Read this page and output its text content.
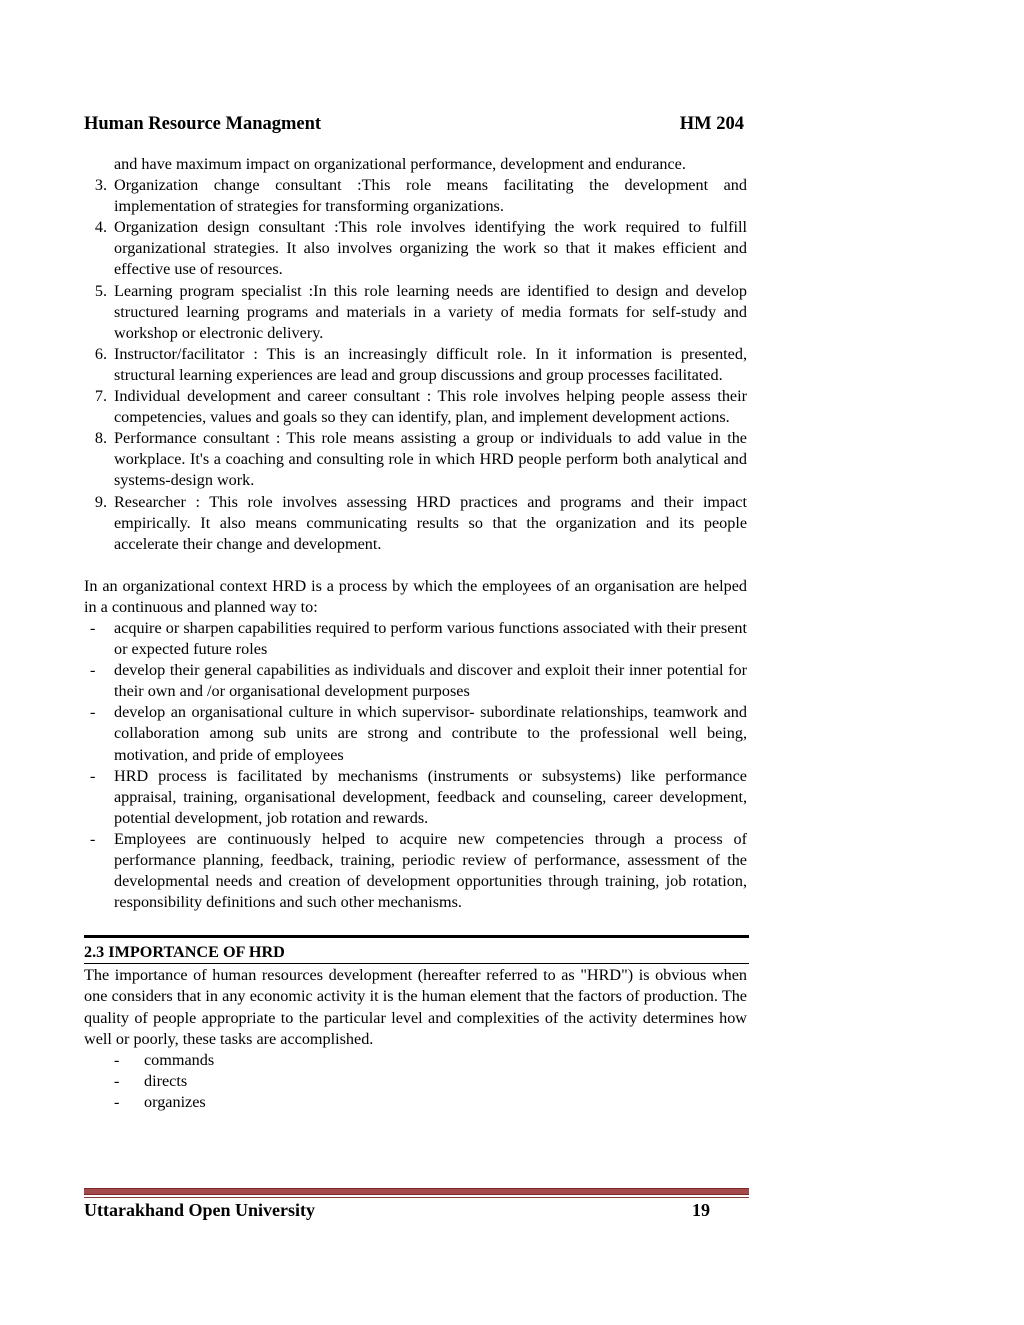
Human Resource Managment	HM 204
and have maximum impact on organizational performance, development and endurance.
3. Organization change consultant :This role means facilitating the development and implementation of strategies for transforming organizations.
4. Organization design consultant :This role involves identifying the work required to fulfill organizational strategies. It also involves organizing the work so that it makes efficient and effective use of resources.
5. Learning program specialist :In this role learning needs are identified to design and develop structured learning programs and materials in a variety of media formats for self-study and workshop or electronic delivery.
6. Instructor/facilitator : This is an increasingly difficult role. In it information is presented, structural learning experiences are lead and group discussions and group processes facilitated.
7. Individual development and career consultant : This role involves helping people assess their competencies, values and goals so they can identify, plan, and implement development actions.
8. Performance consultant : This role means assisting a group or individuals to add value in the workplace. It's a coaching and consulting role in which HRD people perform both analytical and systems-design work.
9. Researcher : This role involves assessing HRD practices and programs and their impact empirically. It also means communicating results so that the organization and its people accelerate their change and development.
In an organizational context HRD is a process by which the employees of an organisation are helped in a continuous and planned way to:
- acquire or sharpen capabilities required to perform various functions associated with their present or expected future roles
- develop their general capabilities as individuals and discover and exploit their inner potential for their own and /or organisational development purposes
- develop an organisational culture in which supervisor- subordinate relationships, teamwork and collaboration among sub units are strong and contribute to the professional well being, motivation, and pride of employees
- HRD process is facilitated by mechanisms (instruments or subsystems) like performance appraisal, training, organisational development, feedback and counseling, career development, potential development, job rotation and rewards.
- Employees are continuously helped to acquire new competencies through a process of performance planning, feedback, training, periodic review of performance, assessment of the developmental needs and creation of development opportunities through training, job rotation, responsibility definitions and such other mechanisms.
2.3 IMPORTANCE OF HRD
The importance of human resources development (hereafter referred to as "HRD") is obvious when one considers that in any economic activity it is the human element that the factors of production. The quality of people appropriate to the particular level and complexities of the activity determines how well or poorly, these tasks are accomplished.
- commands
- directs
- organizes
Uttarakhand Open University	19
